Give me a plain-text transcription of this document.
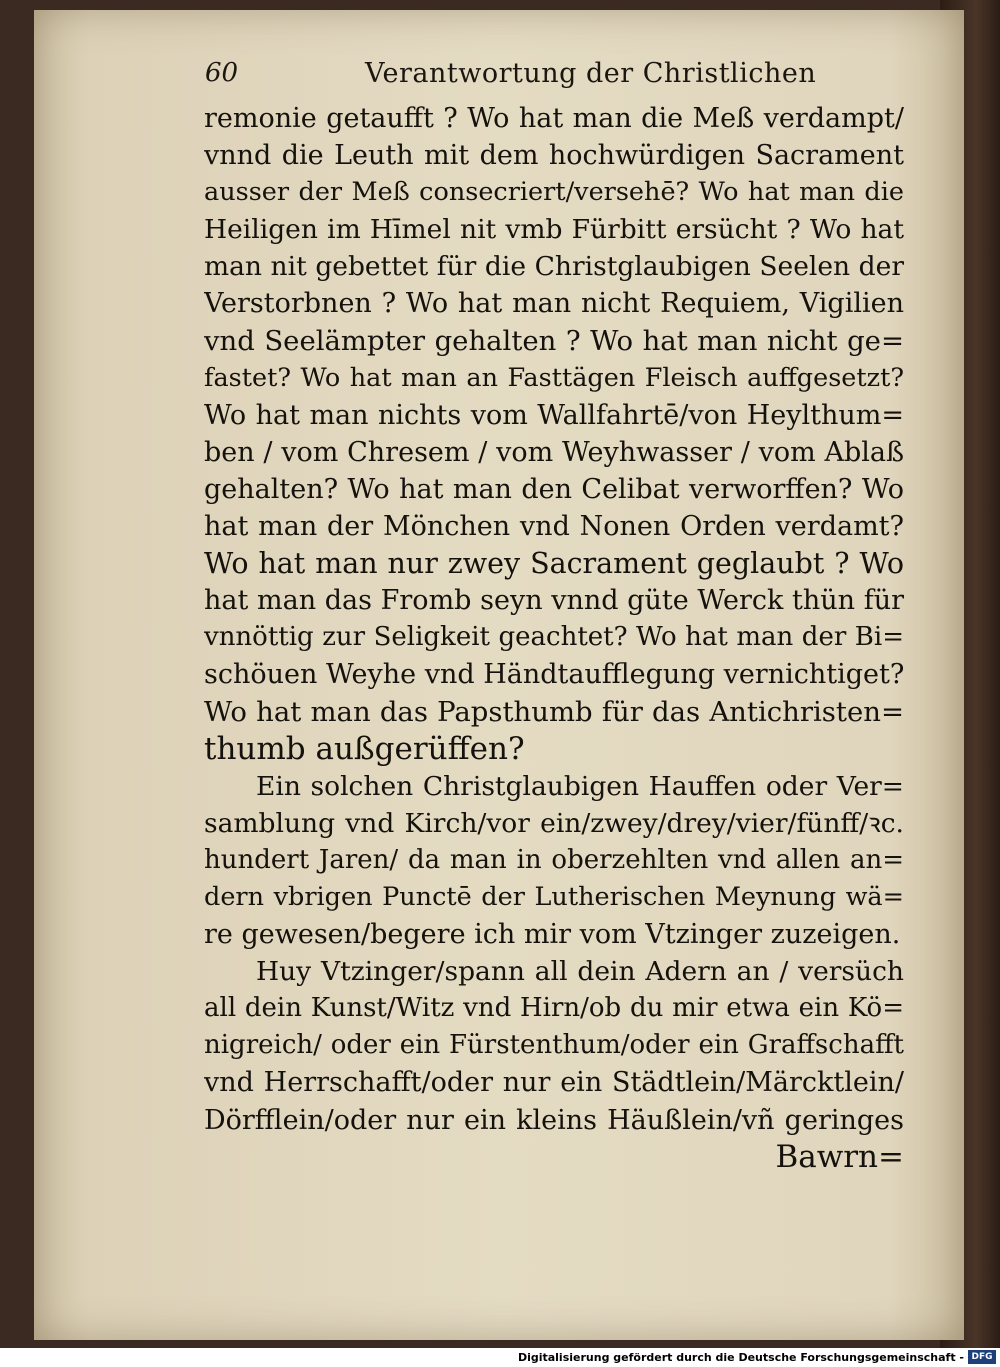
60	Verantwortung der Christlichen
remonie getaufft ? Wo hat man die Meß verdampt/
vnnd die Leuth mit dem hochwürdigen Sacrament
ausser der Meß consecriert/versehē? Wo hat man die
Heiligen im Hīmel nit vmb Fürbitt ersücht ? Wo hat
man nit gebettet für die Christglaubigen Seelen der
Verstorbnen ? Wo hat man nicht Requiem, Vigilien
vnd Seelämpter gehalten ? Wo hat man nicht ge=
fastet? Wo hat man an Fasttägen Fleisch auffgesetzt?
Wo hat man nichts vom Wallfahrtē/von Heylthum=
ben / vom Chresem / vom Weyhwasser / vom Ablaß
gehalten? Wo hat man den Celibat verworffen? Wo
hat man der Mönchen vnd Nonen Orden verdamt?
Wo hat man nur zwey Sacrament geglaubt ? Wo
hat man das Fromb seyn vnnd güte Werck thün für
vnnöttig zur Seligkeit geachtet? Wo hat man der Bi=
schöuen Weyhe vnd Händtaufflegung vernichtiget?
Wo hat man das Papsthumb für das Antichristen=
thumb außgerüffen?
Ein solchen Christglaubigen Hauffen oder Ver=
samblung vnd Kirch/vor ein/zwey/drey/vier/fünff/ꝛc.
hundert Jaren/ da man in oberzehlten vnd allen an=
dern vbrigen Punctē der Lutherischen Meynung wä=
re gewesen/begere ich mir vom Vtzinger zuzeigen.
Huy Vtzinger/spann all dein Adern an / versüch
all dein Kunst/Witz vnd Hirn/ob du mir etwa ein Kö=
nigreich/ oder ein Fürstenthum/oder ein Graffschafft
vnd Herrschafft/oder nur ein Städtlein/Märcktlein/
Dörfflein/oder nur ein kleins Häußlein/vñ geringes
Bawrn=
Digitalisierung gefördert durch die Deutsche Forschungsgemeinschaft - DFG
